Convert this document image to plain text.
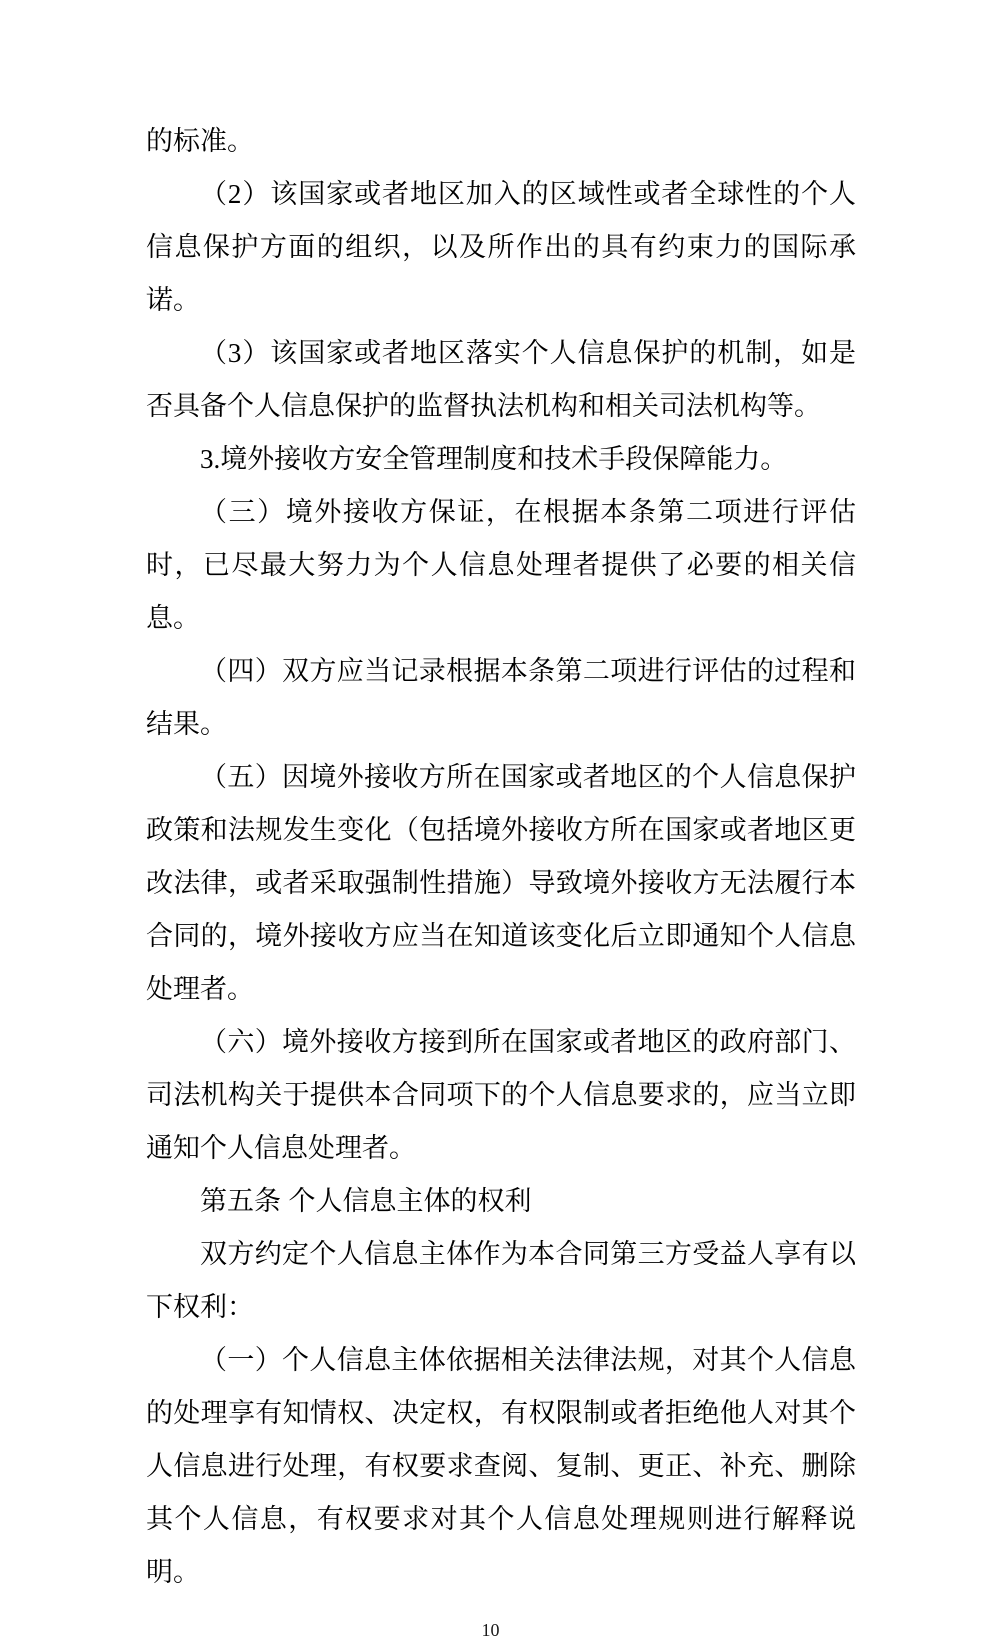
的标准。

（2）该国家或者地区加入的区域性或者全球性的个人信息保护方面的组织，以及所作出的具有约束力的国际承诺。

（3）该国家或者地区落实个人信息保护的机制，如是否具备个人信息保护的监督执法机构和相关司法机构等。

3.境外接收方安全管理制度和技术手段保障能力。

（三）境外接收方保证，在根据本条第二项进行评估时，已尽最大努力为个人信息处理者提供了必要的相关信息。

（四）双方应当记录根据本条第二项进行评估的过程和结果。

（五）因境外接收方所在国家或者地区的个人信息保护政策和法规发生变化（包括境外接收方所在国家或者地区更改法律，或者采取强制性措施）导致境外接收方无法履行本合同的，境外接收方应当在知道该变化后立即通知个人信息处理者。

（六）境外接收方接到所在国家或者地区的政府部门、司法机构关于提供本合同项下的个人信息要求的，应当立即通知个人信息处理者。

第五条 个人信息主体的权利

双方约定个人信息主体作为本合同第三方受益人享有以下权利：

（一）个人信息主体依据相关法律法规，对其个人信息的处理享有知情权、决定权，有权限制或者拒绝他人对其个人信息进行处理，有权要求查阅、复制、更正、补充、删除其个人信息，有权要求对其个人信息处理规则进行解释说明。

10
